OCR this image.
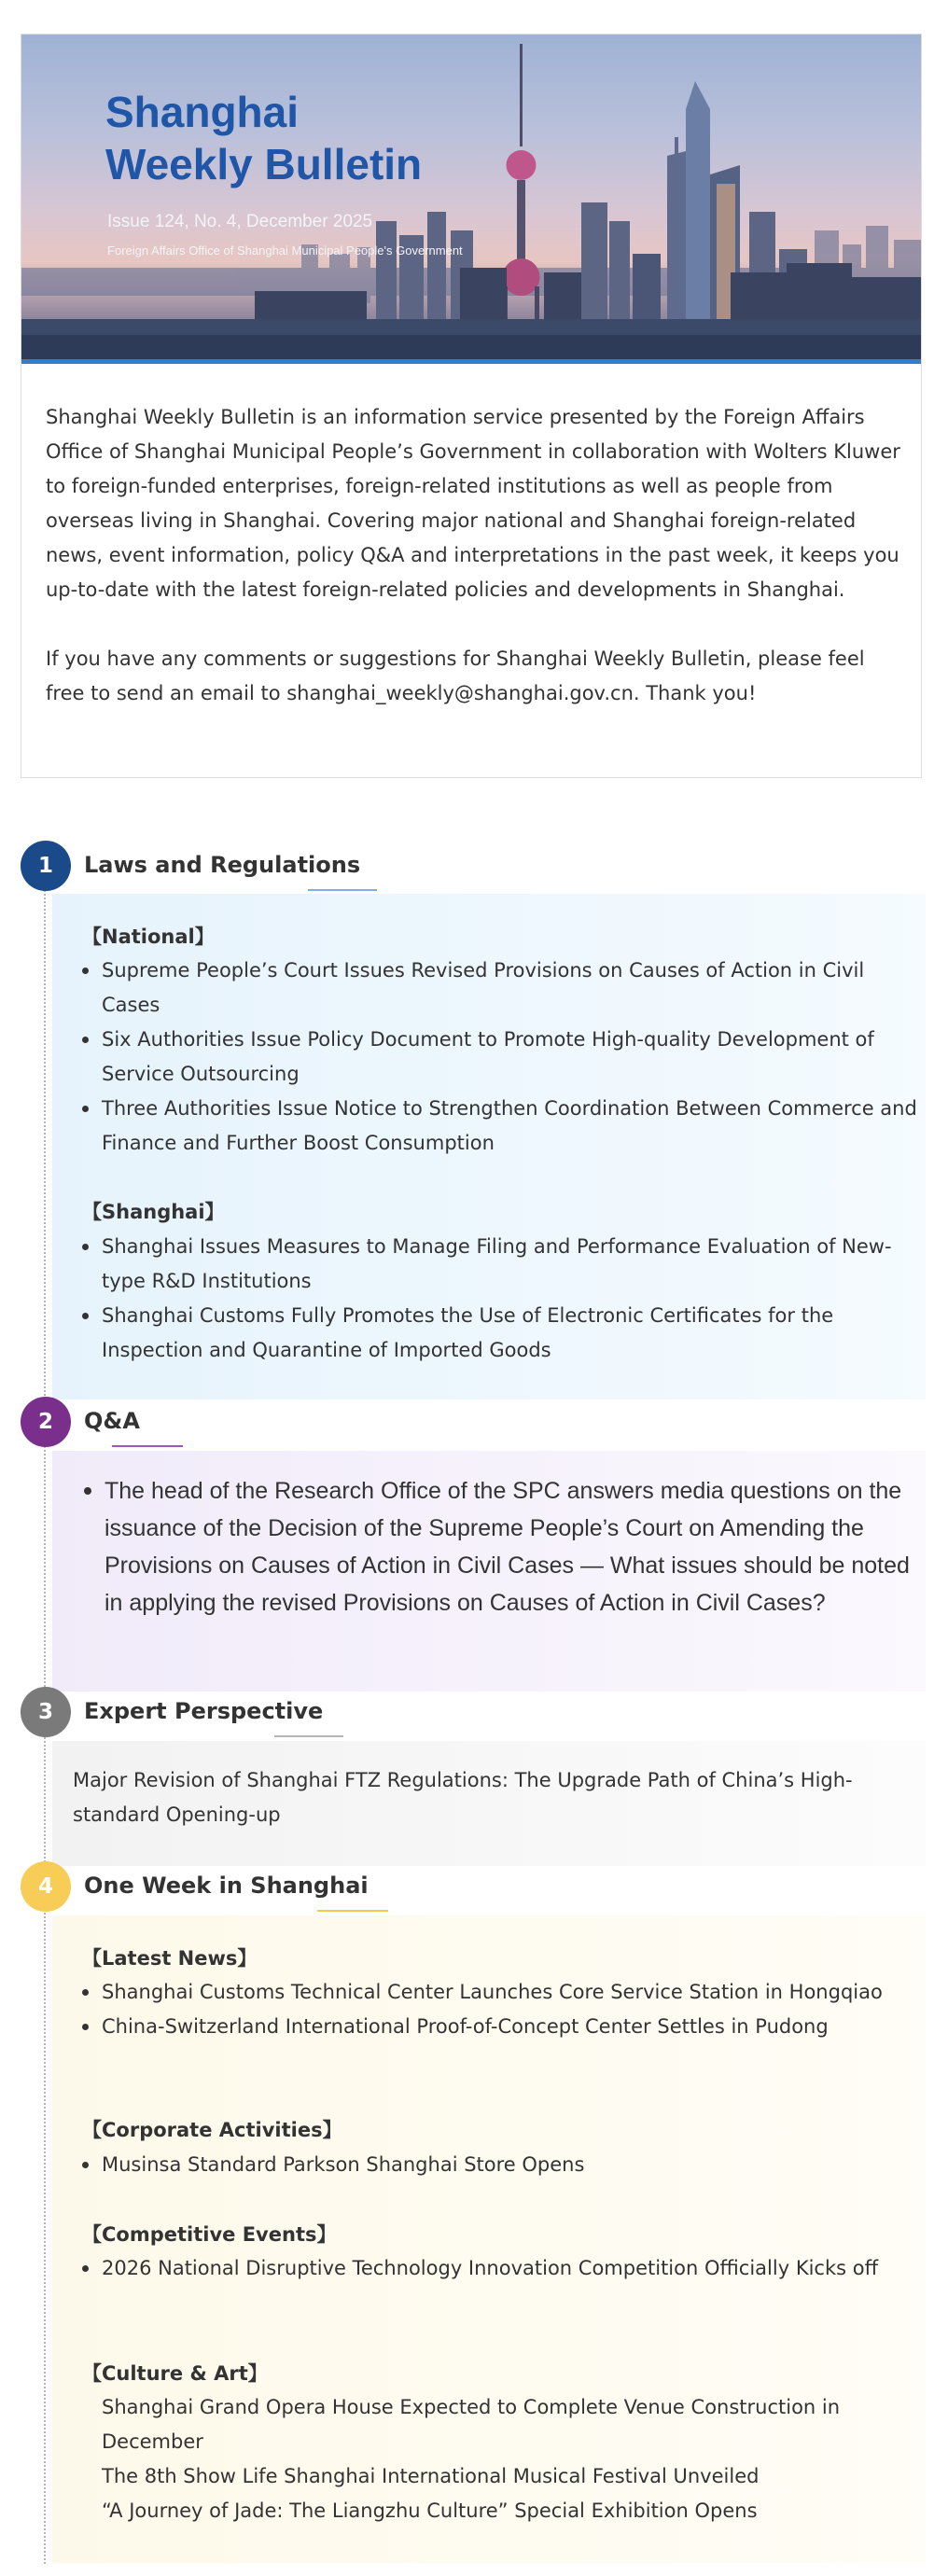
Shanghai
Weekly Bulletin
Issue 124, No. 4, December 2025
Foreign Affairs Office of Shanghai Municipal People's Government

Shanghai Weekly Bulletin is an information service presented by the Foreign Affairs Office of Shanghai Municipal People’s Government in collaboration with Wolters Kluwer to foreign-funded enterprises, foreign-related institutions as well as people from overseas living in Shanghai. Covering major national and Shanghai foreign-related news, event information, policy Q&A and interpretations in the past week, it keeps you up-to-date with the latest foreign-related policies and developments in Shanghai.

If you have any comments or suggestions for Shanghai Weekly Bulletin, please feel free to send an email to shanghai_weekly@shanghai.gov.cn. Thank you!

1	Laws and Regulations
【National】
Supreme People’s Court Issues Revised Provisions on Causes of Action in Civil Cases
Six Authorities Issue Policy Document to Promote High-quality Development of Service Outsourcing
Three Authorities Issue Notice to Strengthen Coordination Between Commerce and Finance and Further Boost Consumption
【Shanghai】
Shanghai Issues Measures to Manage Filing and Performance Evaluation of New-type R&D Institutions
Shanghai Customs Fully Promotes the Use of Electronic Certificates for the Inspection and Quarantine of Imported Goods
2	Q&A
The head of the Research Office of the SPC answers media questions on the issuance of the Decision of the Supreme People’s Court on Amending the Provisions on Causes of Action in Civil Cases — What issues should be noted in applying the revised Provisions on Causes of Action in Civil Cases?
3	Expert Perspective
Major Revision of Shanghai FTZ Regulations: The Upgrade Path of China’s High-standard Opening-up
4	One Week in Shanghai
【Latest News】
Shanghai Customs Technical Center Launches Core Service Station in Hongqiao
China-Switzerland International Proof-of-Concept Center Settles in Pudong
【Corporate Activities】
Musinsa Standard Parkson Shanghai Store Opens
【Competitive Events】
2026 National Disruptive Technology Innovation Competition Officially Kicks off
【Culture & Art】
Shanghai Grand Opera House Expected to Complete Venue Construction in December
The 8th Show Life Shanghai International Musical Festival Unveiled
“A Journey of Jade: The Liangzhu Culture” Special Exhibition Opens
